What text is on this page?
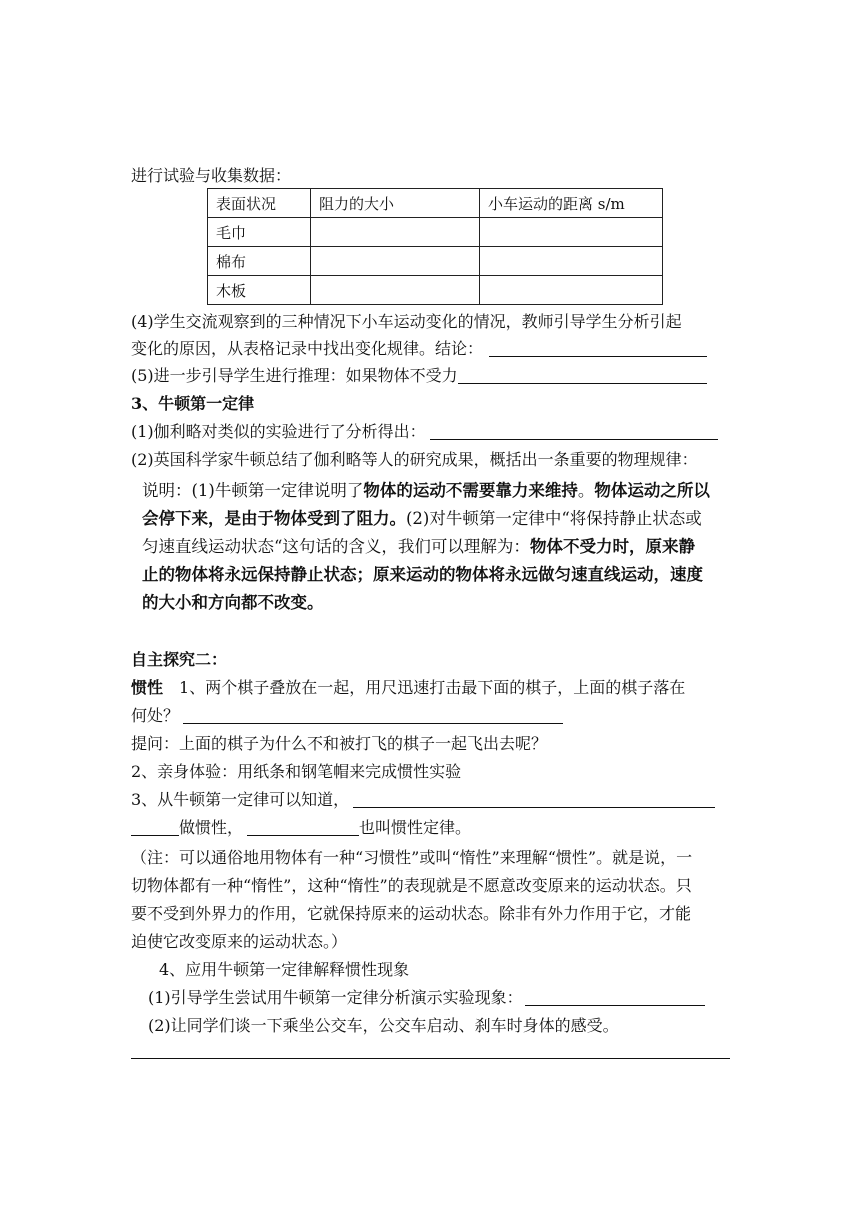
进行试验与收集数据：
表面状况	阻力的大小	小车运动的距离 s/m
毛巾		
棉布		
木板		
(4)学生交流观察到的三种情况下小车运动变化的情况，教师引导学生分析引起
变化的原因，从表格记录中找出变化规律。结论：
(5)进一步引导学生进行推理：如果物体不受力
3、牛顿第一定律
(1)伽利略对类似的实验进行了分析得出：
(2)英国科学家牛顿总结了伽利略等人的研究成果，概括出一条重要的物理规律：
说明：(1)牛顿第一定律说明了物体的运动不需要靠力来维持。物体运动之所以
会停下来，是由于物体受到了阻力。(2)对牛顿第一定律中“将保持静止状态或
匀速直线运动状态“这句话的含义，我们可以理解为：物体不受力时，原来静
止的物体将永远保持静止状态；原来运动的物体将永远做匀速直线运动，速度
的大小和方向都不改变。
自主探究二：
惯性 1、两个棋子叠放在一起，用尺迅速打击最下面的棋子，上面的棋子落在
何处？
提问：上面的棋子为什么不和被打飞的棋子一起飞出去呢？
2、亲身体验：用纸条和钢笔帽来完成惯性实验
3、从牛顿第一定律可以知道，
做惯性，	也叫惯性定律。
（注：可以通俗地用物体有一种“习惯性”或叫“惰性”来理解“惯性”。就是说，一
切物体都有一种“惰性”，这种“惰性”的表现就是不愿意改变原来的运动状态。只
要不受到外界力的作用，它就保持原来的运动状态。除非有外力作用于它，才能
迫使它改变原来的运动状态。）
4、应用牛顿第一定律解释惯性现象
(1)引导学生尝试用牛顿第一定律分析演示实验现象：
(2)让同学们谈一下乘坐公交车，公交车启动、刹车时身体的感受。
